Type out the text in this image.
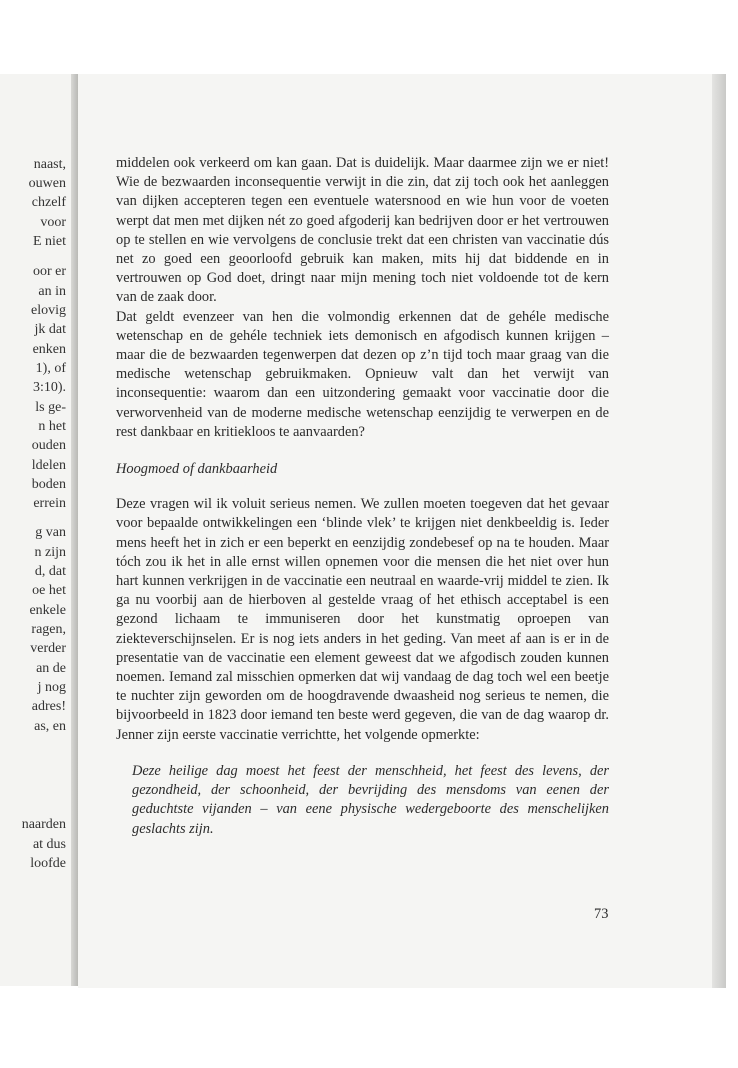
naast,
ouwen
chzelf
voor
E niet
oor er
an in
elovig
jk dat
enken
1), of
3:10).
ls ge-
n het
ouden
ldelen
boden
errein
g van
n zijn
d, dat
oe het
enkele
ragen,
verder
an de
j nog
adres!
as, en
naarden
at dus
loofde

middelen ook verkeerd om kan gaan. Dat is duidelijk. Maar daarmee zijn we er niet! Wie de bezwaarden inconsequentie verwijt in die zin, dat zij toch ook het aanleggen van dijken accepteren tegen een eventuele watersnood en wie hun voor de voeten werpt dat men met dijken nét zo goed afgoderij kan bedrijven door er het vertrouwen op te stellen en wie vervolgens de conclusie trekt dat een christen van vaccinatie dús net zo goed een geoorloofd gebruik kan maken, mits hij dat biddende en in vertrouwen op God doet, dringt naar mijn mening toch niet voldoende tot de kern van de zaak door.

Dat geldt evenzeer van hen die volmondig erkennen dat de gehéle medische wetenschap en de gehéle techniek iets demonisch en afgodisch kunnen krijgen – maar die de bezwaarden tegenwerpen dat dezen op z’n tijd toch maar graag van die medische wetenschap gebruikmaken. Opnieuw valt dan het verwijt van inconsequentie: waarom dan een uitzondering gemaakt voor vaccinatie door die verworvenheid van de moderne medische wetenschap eenzijdig te verwerpen en de rest dankbaar en kritiekloos te aanvaarden?

Hoogmoed of dankbaarheid

Deze vragen wil ik voluit serieus nemen. We zullen moeten toegeven dat het gevaar voor bepaalde ontwikkelingen een ‘blinde vlek’ te krijgen niet denkbeeldig is. Ieder mens heeft het in zich er een beperkt en eenzijdig zondebesef op na te houden. Maar tóch zou ik het in alle ernst willen opnemen voor die mensen die het niet over hun hart kunnen verkrijgen in de vaccinatie een neutraal en waarde-vrij middel te zien. Ik ga nu voorbij aan de hierboven al gestelde vraag of het ethisch acceptabel is een gezond lichaam te immuniseren door het kunstmatig oproepen van ziekteverschijnselen. Er is nog iets anders in het geding. Van meet af aan is er in de presentatie van de vaccinatie een element geweest dat we afgodisch zouden kunnen noemen. Iemand zal misschien opmerken dat wij vandaag de dag toch wel een beetje te nuchter zijn geworden om de hoogdravende dwaasheid nog serieus te nemen, die bijvoorbeeld in 1823 door iemand ten beste werd gegeven, die van de dag waarop dr. Jenner zijn eerste vaccinatie verrichtte, het volgende opmerkte:

Deze heilige dag moest het feest der menschheid, het feest des levens, der gezondheid, der schoonheid, der bevrijding des mensdoms van eenen der geduchtste vijanden – van eene physische wedergeboorte des menschelijken geslachts zijn.

73
